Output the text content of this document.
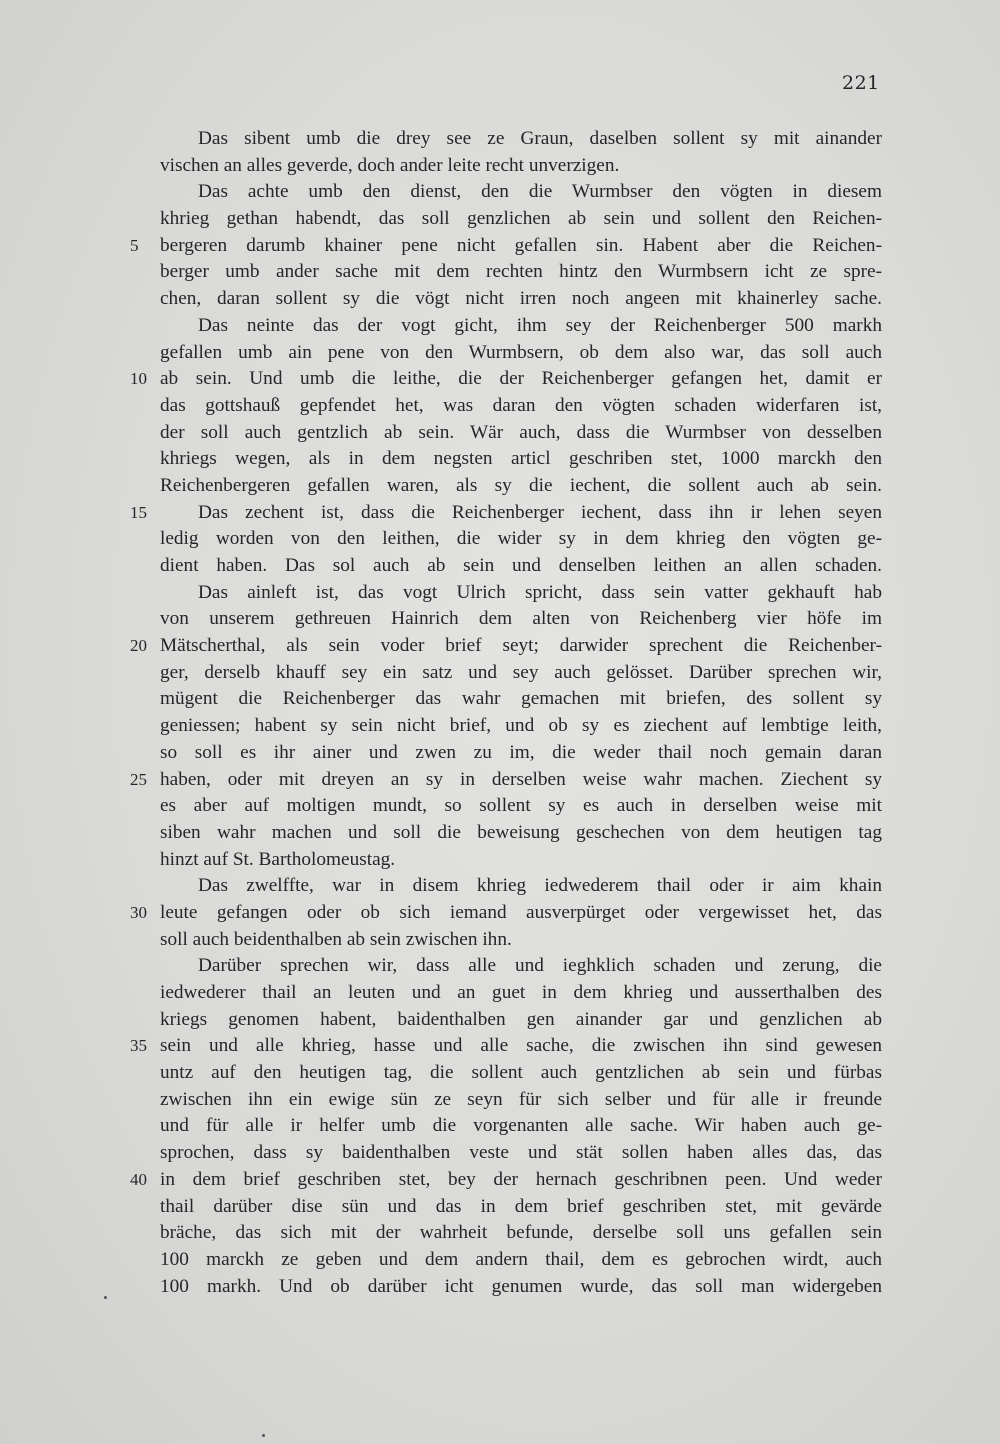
221
Das sibent umb die drey see ze Graun, daselben sollent sy mit ainander
vischen an alles geverde, doch ander leite recht unverzigen.
Das achte umb den dienst, den die Wurmbser den vögten in diesem
khrieg gethan habendt, das soll genzlichen ab sein und sollent den Reichen-
5	bergeren darumb khainer pene nicht gefallen sin. Habent aber die Reichen-
berger umb ander sache mit dem rechten hintz den Wurmbsern icht ze spre-
chen, daran sollent sy die vögt nicht irren noch angeen mit khainerley sache.
Das neinte das der vogt gicht, ihm sey der Reichenberger 500 markh
gefallen umb ain pene von den Wurmbsern, ob dem also war, das soll auch
10 ab sein. Und umb die leithe, die der Reichenberger gefangen het, damit er
das gottshauß gepfendet het, was daran den vögten schaden widerfaren ist,
der soll auch gentzlich ab sein. Wär auch, dass die Wurmbser von desselben
khriegs wegen, als in dem negsten articl geschriben stet, 1000 marckh den
Reichenbergeren gefallen waren, als sy die iechent, die sollent auch ab sein.
15	Das zechent ist, dass die Reichenberger iechent, dass ihn ir lehen seyen
ledig worden von den leithen, die wider sy in dem khrieg den vögten ge-
dient haben. Das sol auch ab sein und denselben leithen an allen schaden.
Das ainleft ist, das vogt Ulrich spricht, dass sein vatter gekhauft hab
von unserem gethreuen Hainrich dem alten von Reichenberg vier höfe im
20 Mätscherthal, als sein voder brief seyt; darwider sprechent die Reichenber-
ger, derselb khauff sey ein satz und sey auch gelösset. Darüber sprechen wir,
mügent die Reichenberger das wahr gemachen mit briefen, des sollent sy
geniessen; habent sy sein nicht brief, und ob sy es ziechent auf lembtige leith,
so soll es ihr ainer und zwen zu im, die weder thail noch gemain daran
25 haben, oder mit dreyen an sy in derselben weise wahr machen. Ziechent sy
es aber auf moltigen mundt, so sollent sy es auch in derselben weise mit
siben wahr machen und soll die beweisung geschechen von dem heutigen tag
hinzt auf St. Bartholomeustag.
Das zwelffte, war in disem khrieg iedwederem thail oder ir aim khain
30 leute gefangen oder ob sich iemand ausverpürget oder vergewisset het, das
soll auch beidenthalben ab sein zwischen ihn.
Darüber sprechen wir, dass alle und ieghklich schaden und zerung, die
iedwederer thail an leuten und an guet in dem khrieg und ausserthalben des
kriegs genomen habent, baidenthalben gen ainander gar und genzlichen ab
35 sein und alle khrieg, hasse und alle sache, die zwischen ihn sind gewesen
untz auf den heutigen tag, die sollent auch gentzlichen ab sein und fürbas
zwischen ihn ein ewige sün ze seyn für sich selber und für alle ir freunde
und für alle ir helfer umb die vorgenanten alle sache. Wir haben auch ge-
sprochen, dass sy baidenthalben veste und stät sollen haben alles das, das
40 in dem brief geschriben stet, bey der hernach geschribnen peen. Und weder
thail darüber dise sün und das in dem brief geschriben stet, mit gevärde
bräche, das sich mit der wahrheit befunde, derselbe soll uns gefallen sein
100 marckh ze geben und dem andern thail, dem es gebrochen wirdt, auch
100 markh. Und ob darüber icht genumen wurde, das soll man widergeben
